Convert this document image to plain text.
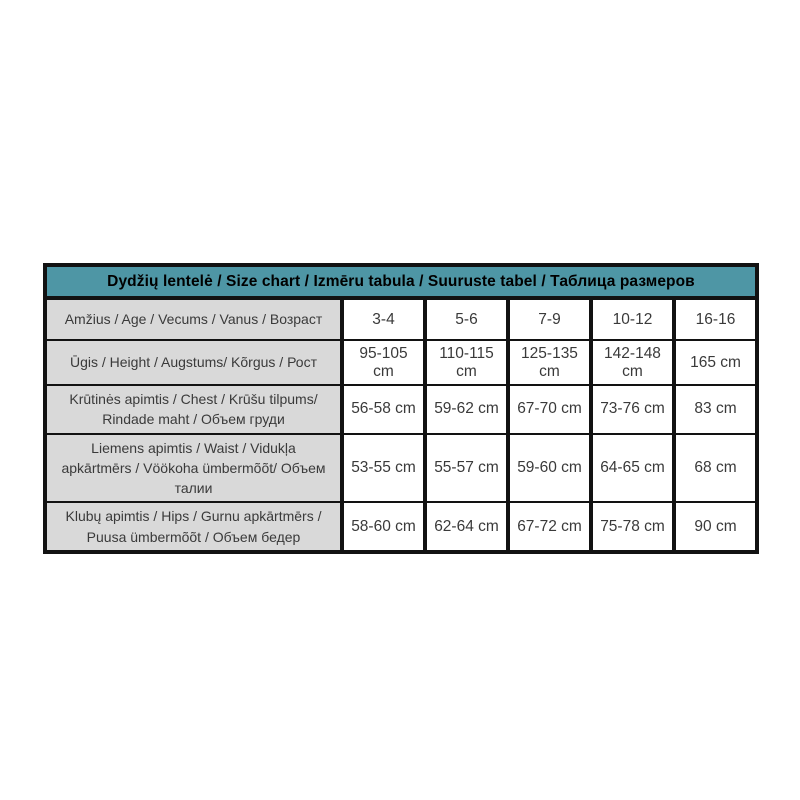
Dydžių lentelė / Size chart / Izmēru tabula / Suuruste tabel / Таблица размеров					
Amžius / Age / Vecums / Vanus / Возраст	3-4	5-6	7-9	10-12	16-16
Ūgis / Height / Augstums/ Kõrgus / Рост	95-105 cm	110-115 cm	125-135 cm	142-148 cm	165 cm
Krūtinės apimtis / Chest / Krūšu tilpums/ Rindade maht / Объем груди	56-58 cm	59-62 cm	67-70 cm	73-76 cm	83 cm
Liemens apimtis / Waist / Vidukļa apkārtmērs / Vöökoha ümbermõõt/ Объем талии	53-55 cm	55-57 cm	59-60 cm	64-65 cm	68 cm
Klubų apimtis / Hips / Gurnu apkārtmērs / Puusa ümbermõõt / Объем бедер	58-60 cm	62-64 cm	67-72 cm	75-78 cm	90 cm
